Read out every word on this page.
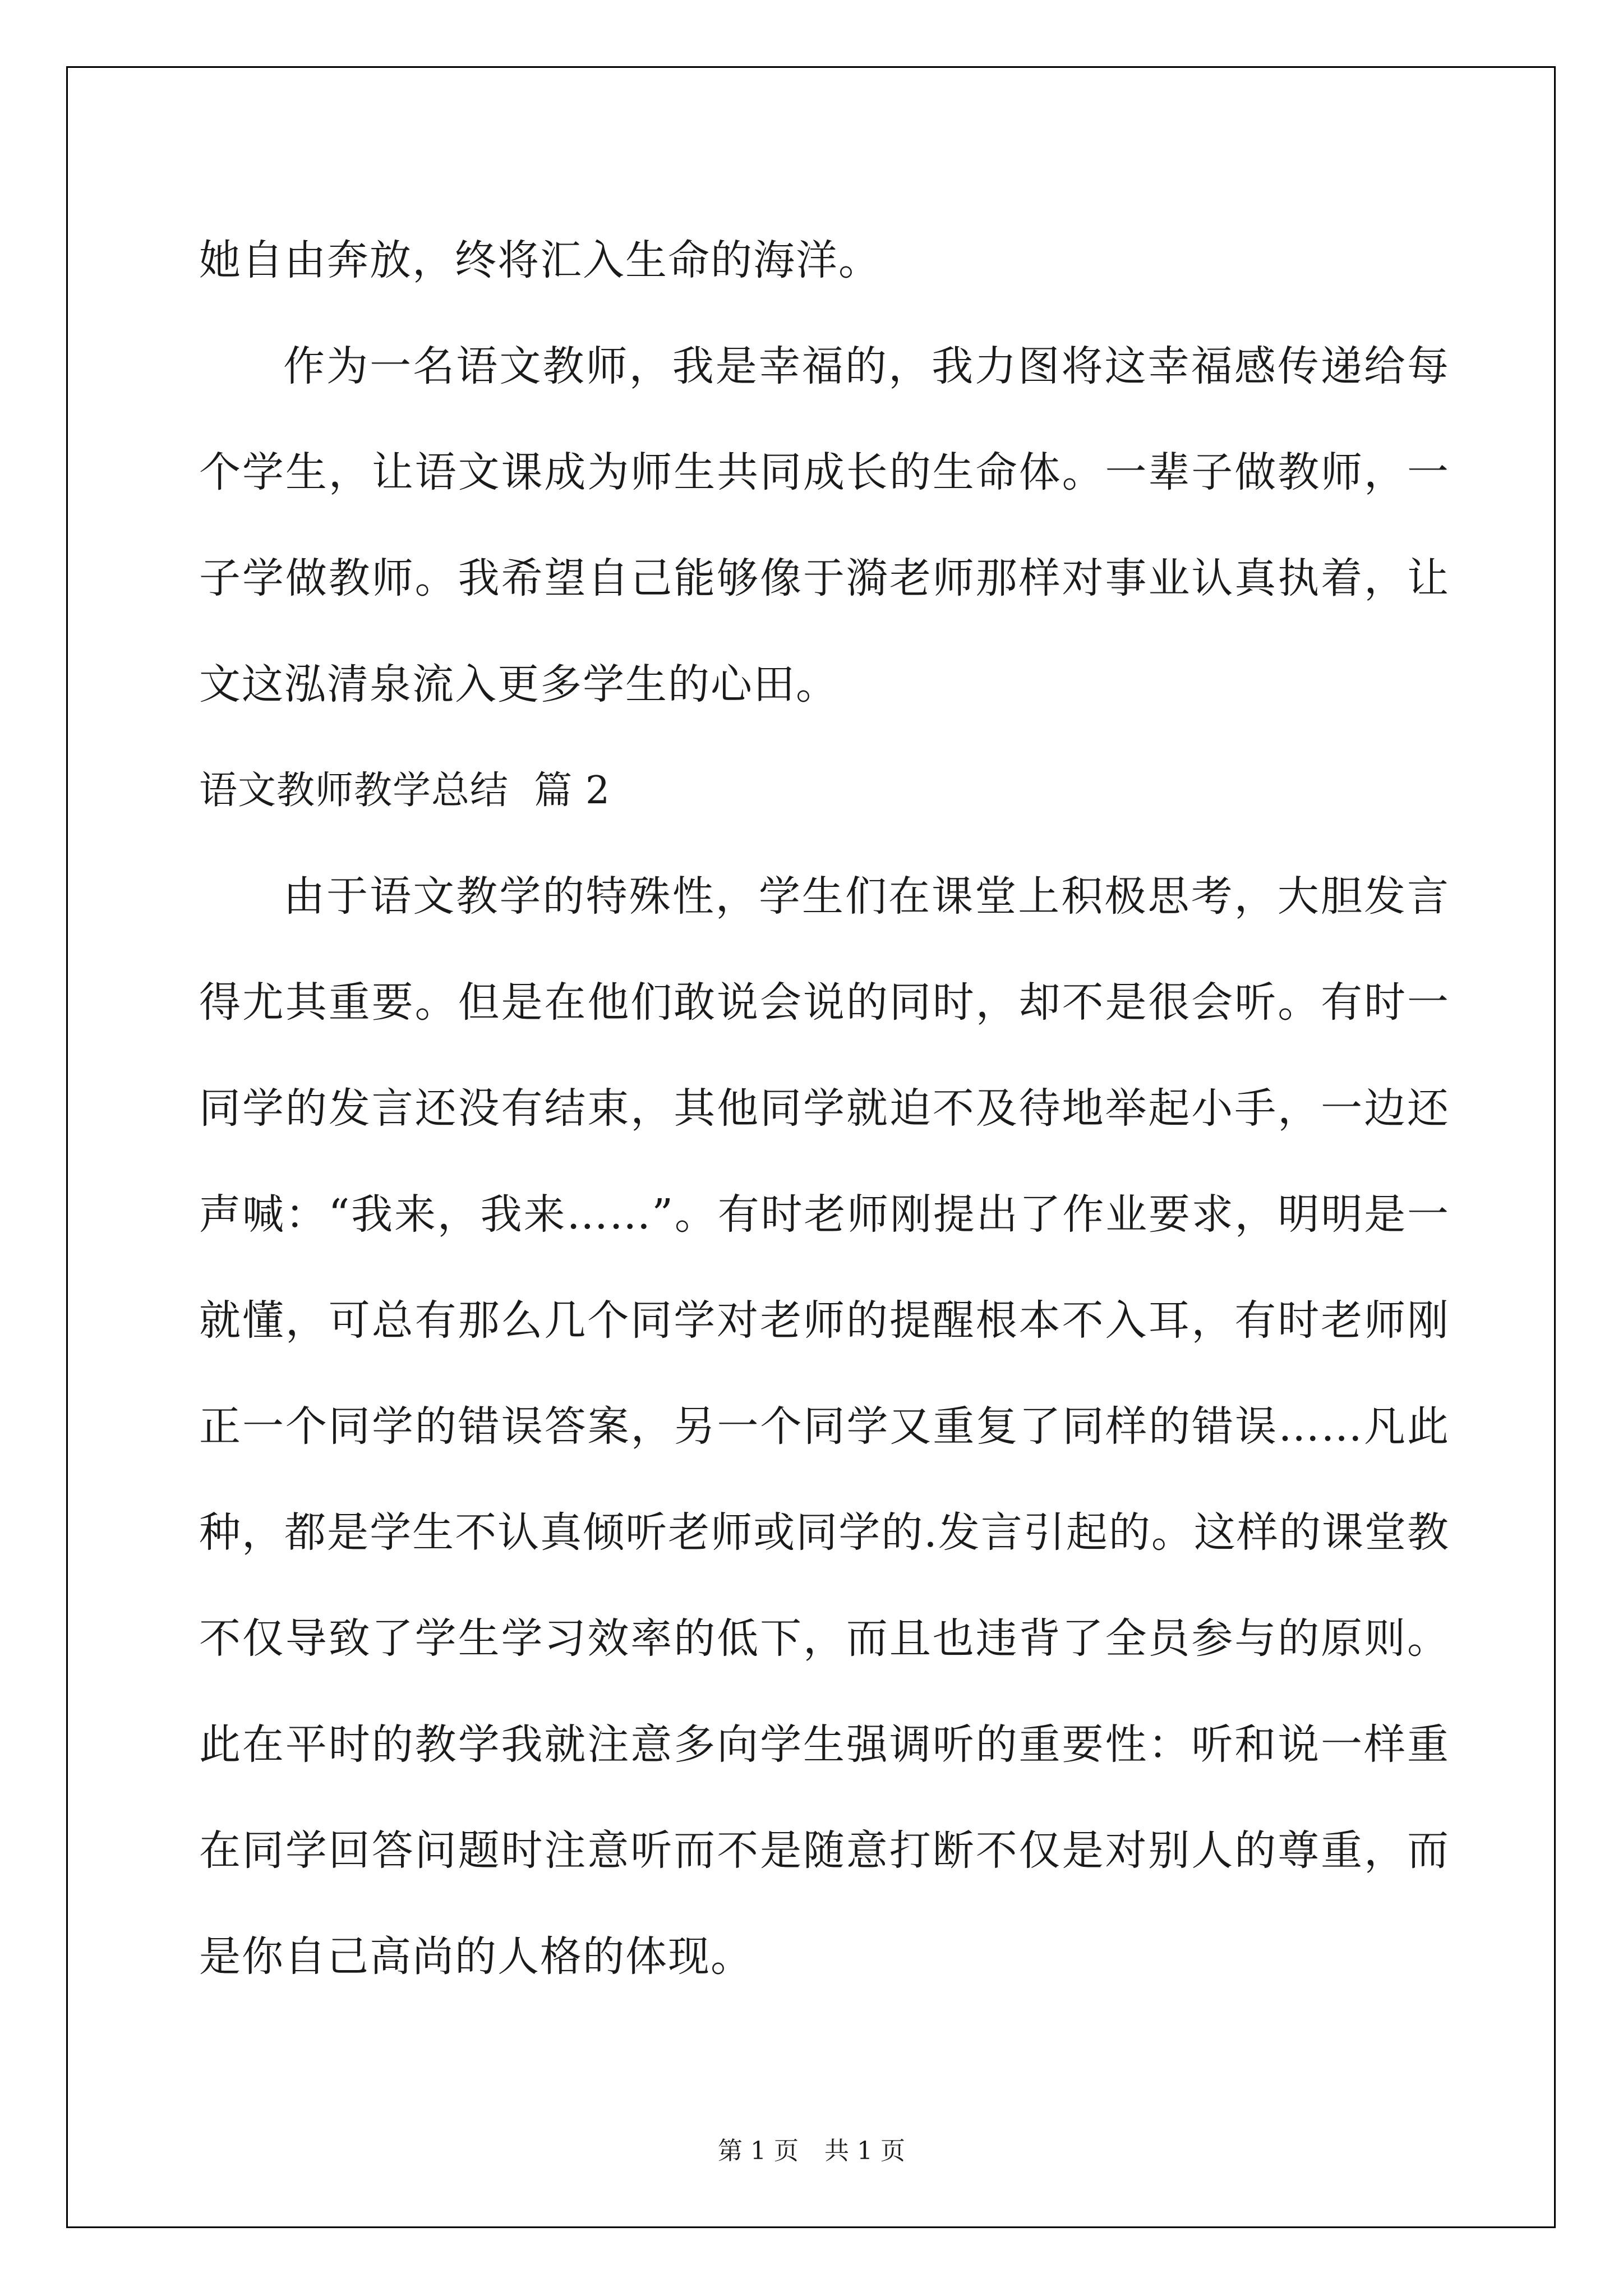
她自由奔放，终将汇入生命的海洋。
作为一名语文教师，我是幸福的，我力图将这幸福感传递给每
个学生，让语文课成为师生共同成长的生命体。一辈子做教师，一
子学做教师。我希望自己能够像于漪老师那样对事业认真执着，让
文这泓清泉流入更多学生的心田。
语文教师教学总结  篇 2
由于语文教学的特殊性，学生们在课堂上积极思考，大胆发言
得尤其重要。但是在他们敢说会说的同时，却不是很会听。有时一
同学的发言还没有结束，其他同学就迫不及待地举起小手，一边还
声喊：“我来，我来……”。有时老师刚提出了作业要求，明明是一
就懂，可总有那么几个同学对老师的提醒根本不入耳，有时老师刚
正一个同学的错误答案，另一个同学又重复了同样的错误……凡此
种，都是学生不认真倾听老师或同学的.发言引起的。这样的课堂教
不仅导致了学生学习效率的低下，而且也违背了全员参与的原则。
此在平时的教学我就注意多向学生强调听的重要性：听和说一样重
在同学回答问题时注意听而不是随意打断不仅是对别人的尊重，而
是你自己高尚的人格的体现。
第 1 页 共 1 页
